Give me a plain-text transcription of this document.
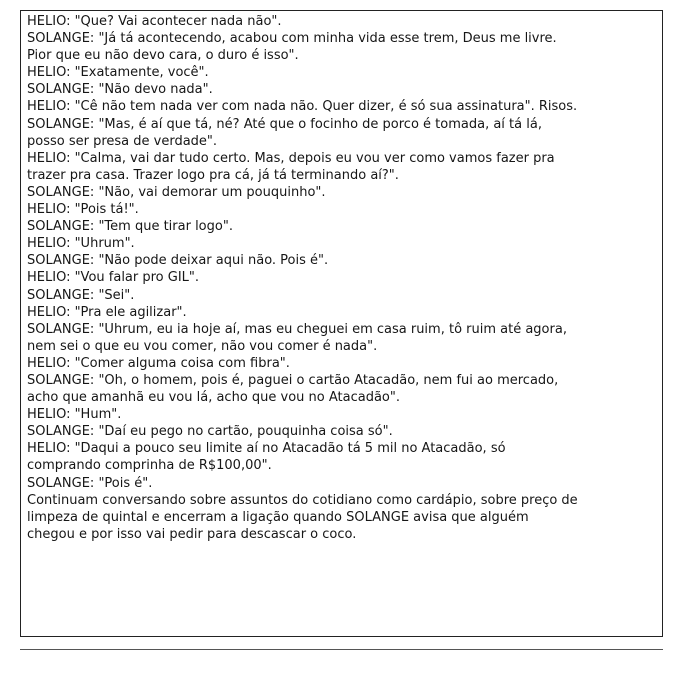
HELIO: "Que? Vai acontecer nada não".
SOLANGE: "Já tá acontecendo, acabou com minha vida esse trem, Deus me livre.
Pior que eu não devo cara, o duro é isso".
HELIO: "Exatamente, você".
SOLANGE: "Não devo nada".
HELIO: "Cê não tem nada ver com nada não. Quer dizer, é só sua assinatura". Risos.
SOLANGE: "Mas, é aí que tá, né? Até que o focinho de porco é tomada, aí tá lá,
posso ser presa de verdade".
HELIO: "Calma, vai dar tudo certo. Mas, depois eu vou ver como vamos fazer pra
trazer pra casa. Trazer logo pra cá, já tá terminando aí?".
SOLANGE: "Não, vai demorar um pouquinho".
HELIO: "Pois tá!".
SOLANGE: "Tem que tirar logo".
HELIO: "Uhrum".
SOLANGE: "Não pode deixar aqui não. Pois é".
HELIO: "Vou falar pro GIL".
SOLANGE: "Sei".
HELIO: "Pra ele agilizar".
SOLANGE: "Uhrum, eu ia hoje aí, mas eu cheguei em casa ruim, tô ruim até agora,
nem sei o que eu vou comer, não vou comer é nada".
HELIO: "Comer alguma coisa com fibra".
SOLANGE: "Oh, o homem, pois é, paguei o cartão Atacadão, nem fui ao mercado,
acho que amanhã eu vou lá, acho que vou no Atacadão".
HELIO: "Hum".
SOLANGE: "Daí eu pego no cartão, pouquinha coisa só".
HELIO: "Daqui a pouco seu limite aí no Atacadão tá 5 mil no Atacadão, só
comprando comprinha de R$100,00".
SOLANGE: "Pois é".
Continuam conversando sobre assuntos do cotidiano como cardápio, sobre preço de
limpeza de quintal e encerram a ligação quando SOLANGE avisa que alguém
chegou e por isso vai pedir para descascar o coco.
